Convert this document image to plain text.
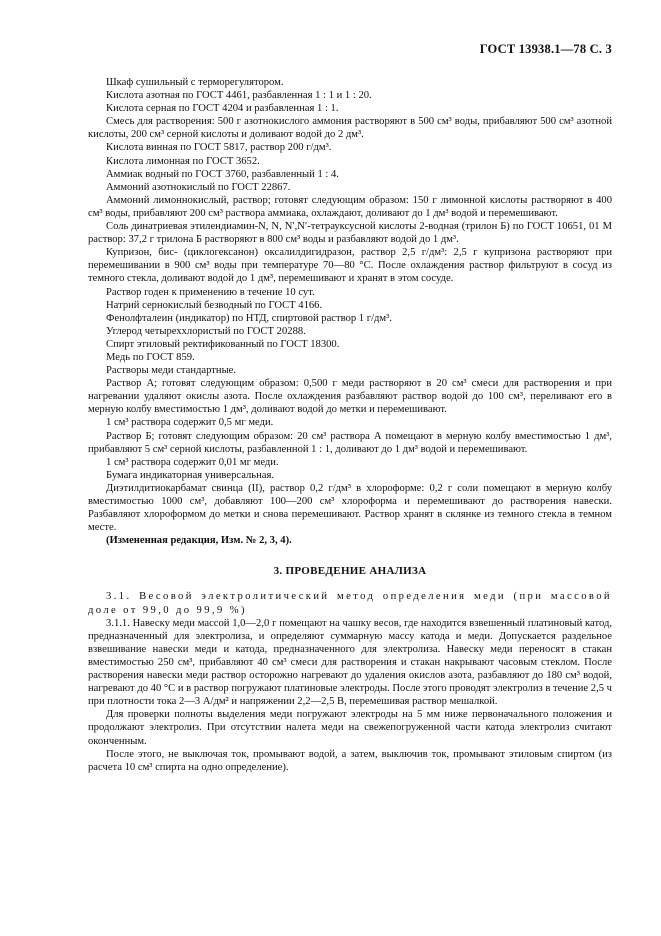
ГОСТ 13938.1—78 С. 3

Шкаф сушильный с терморегулятором.

Кислота азотная по ГОСТ 4461, разбавленная 1 : 1 и 1 : 20.

Кислота серная по ГОСТ 4204 и разбавленная 1 : 1.

Смесь для растворения: 500 г азотнокислого аммония растворяют в 500 см³ воды, прибавляют 500 см³ азотной кислоты, 200 см³ серной кислоты и доливают водой до 2 дм³.

Кислота винная по ГОСТ 5817, раствор 200 г/дм³.

Кислота лимонная по ГОСТ 3652.

Аммиак водный по ГОСТ 3760, разбавленный 1 : 4.

Аммоний азотнокислый по ГОСТ 22867.

Аммоний лимоннокислый, раствор; готовят следующим образом: 150 г лимонной кислоты растворяют в 400 см³ воды, прибавляют 200 см³ раствора аммиака, охлаждают, доливают до 1 дм³ водой и перемешивают.

Соль динатриевая этилендиамин-N, N, N′,N′-тетрауксусной кислоты 2-водная (трилон Б) по ГОСТ 10651, 01 М раствор: 37,2 г трилона Б растворяют в 800 см³ воды и разбавляют водой до 1 дм³.

Купризон, бис- (циклогексанон) оксалилдигидразон, раствор 2,5 г/дм³: 2,5 г купризона растворяют при перемешивании в 900 см³ воды при температуре 70—80 °С. После охлаждения раствор фильтруют в сосуд из темного стекла, доливают водой до 1 дм³, перемешивают и хранят в этом сосуде.

Раствор годен к применению в течение 10 сут.

Натрий сернокислый безводный по ГОСТ 4166.

Фенолфталеин (индикатор) по НТД, спиртовой раствор 1 г/дм³.

Углерод четыреххлористый по ГОСТ 20288.

Спирт этиловый ректификованный по ГОСТ 18300.

Медь по ГОСТ 859.

Растворы меди стандартные.

Раствор А; готовят следующим образом: 0,500 г меди растворяют в 20 см³ смеси для растворения и при нагревании удаляют окислы азота. После охлаждения разбавляют раствор водой до 100 см³, переливают его в мерную колбу вместимостью 1 дм³, доливают водой до метки и перемешивают.

1 см³ раствора содержит 0,5 мг меди.

Раствор Б; готовят следующим образом: 20 см³ раствора А помещают в мерную колбу вместимостью 1 дм³, прибавляют 5 см³ серной кислоты, разбавленной 1 : 1, доливают до 1 дм³ водой и перемешивают.

1 см³ раствора содержит 0,01 мг меди.

Бумага индикаторная универсальная.

Диэтилдитиокарбамат свинца (II), раствор 0,2 г/дм³ в хлороформе: 0,2 г соли помещают в мерную колбу вместимостью 1000 см³, добавляют 100—200 см³ хлороформа и перемешивают до растворения навески. Разбавляют хлороформом до метки и снова перемешивают. Раствор хранят в склянке из темного стекла в темном месте.

(Измененная редакция, Изм. № 2, 3, 4).

3. ПРОВЕДЕНИЕ АНАЛИЗА

3.1. Весовой электролитический метод определения меди (при массовой доле от 99,0 до 99,9 %)

3.1.1. Навеску меди массой 1,0—2,0 г помещают на чашку весов, где находится взвешенный платиновый катод, предназначенный для электролиза, и определяют суммарную массу катода и меди. Допускается раздельное взвешивание навески меди и катода, предназначенного для электролиза. Навеску меди переносят в стакан вместимостью 250 см³, прибавляют 40 см³ смеси для растворения и стакан накрывают часовым стеклом. После растворения навески меди раствор осторожно нагревают до удаления окислов азота, разбавляют до 180 см³ водой, нагревают до 40 °С и в раствор погружают платиновые электроды. После этого проводят электролиз в течение 2,5 ч при плотности тока 2—3 А/дм² и напряжении 2,2—2,5 В, перемешивая раствор мешалкой.

Для проверки полноты выделения меди погружают электроды на 5 мм ниже первоначального положения и продолжают электролиз. При отсутствии налета меди на свежепогруженной части катода электролиз считают оконченным.

После этого, не выключая ток, промывают водой, а затем, выключив ток, промывают этиловым спиртом (из расчета 10 см³ спирта на одно определение).
